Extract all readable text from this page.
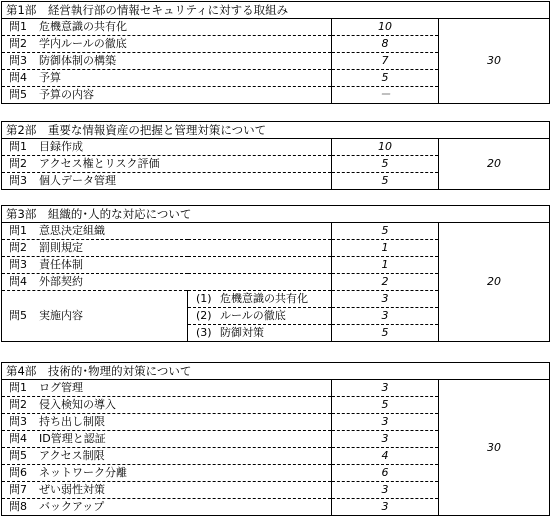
第1部　経営執行部の情報セキュリティに対する取組み		
問1 危機意識の共有化	10	30
問2 学内ルールの徹底	8	
問3 防御体制の構築	7	
問4 予算	5	
問5 予算の内容	－	
第2部　重要な情報資産の把握と管理対策について		
問1 目録作成	10	20
問2 アクセス権とリスク評価	5	
問3 個人データ管理	5	
第3部　組織的･人的な対応について			
問1 意思決定組織		5	20
問2 罰則規定		1	
問3 責任体制		1	
問4 外部契約		2	
問5 実施内容	(1) 危機意識の共有化	3	
	(2) ルールの徹底	3	
	(3) 防御対策	5	
第4部　技術的･物理的対策について		
問1 ログ管理	3	30
問2 侵入検知の導入	5	
問3 持ち出し制限	3	
問4 ID管理と認証	3	
問5 アクセス制限	4	
問6 ネットワーク分離	6	
問7 ぜい弱性対策	3	
問8 バックアップ	3	
